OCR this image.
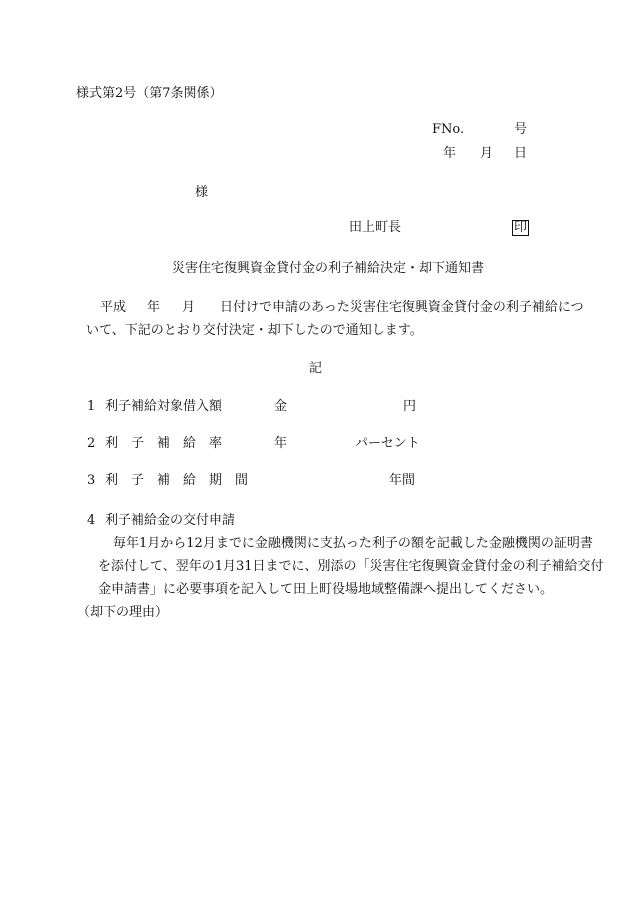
様式第2号（第7条関係）
FNo.	号
年 月 日
様
田上町長	印
災害住宅復興資金貸付金の利子補給決定・却下通知書
平成 年 月 日付けで申請のあった災害住宅復興資金貸付金の利子補給につ
いて、下記のとおり交付決定・却下したので通知します。
記
1 利子補給対象借入額	金	円
2 利　子　補　給　率	年	パーセント
3 利　子　補　給　期　間	年間
4 利子補給金の交付申請
毎年1月から12月までに金融機関に支払った利子の額を記載した金融機関の証明書
を添付して、翌年の1月31日までに、別添の「災害住宅復興資金貸付金の利子補給交付
金申請書」に必要事項を記入して田上町役場地域整備課へ提出してください。
（却下の理由）
